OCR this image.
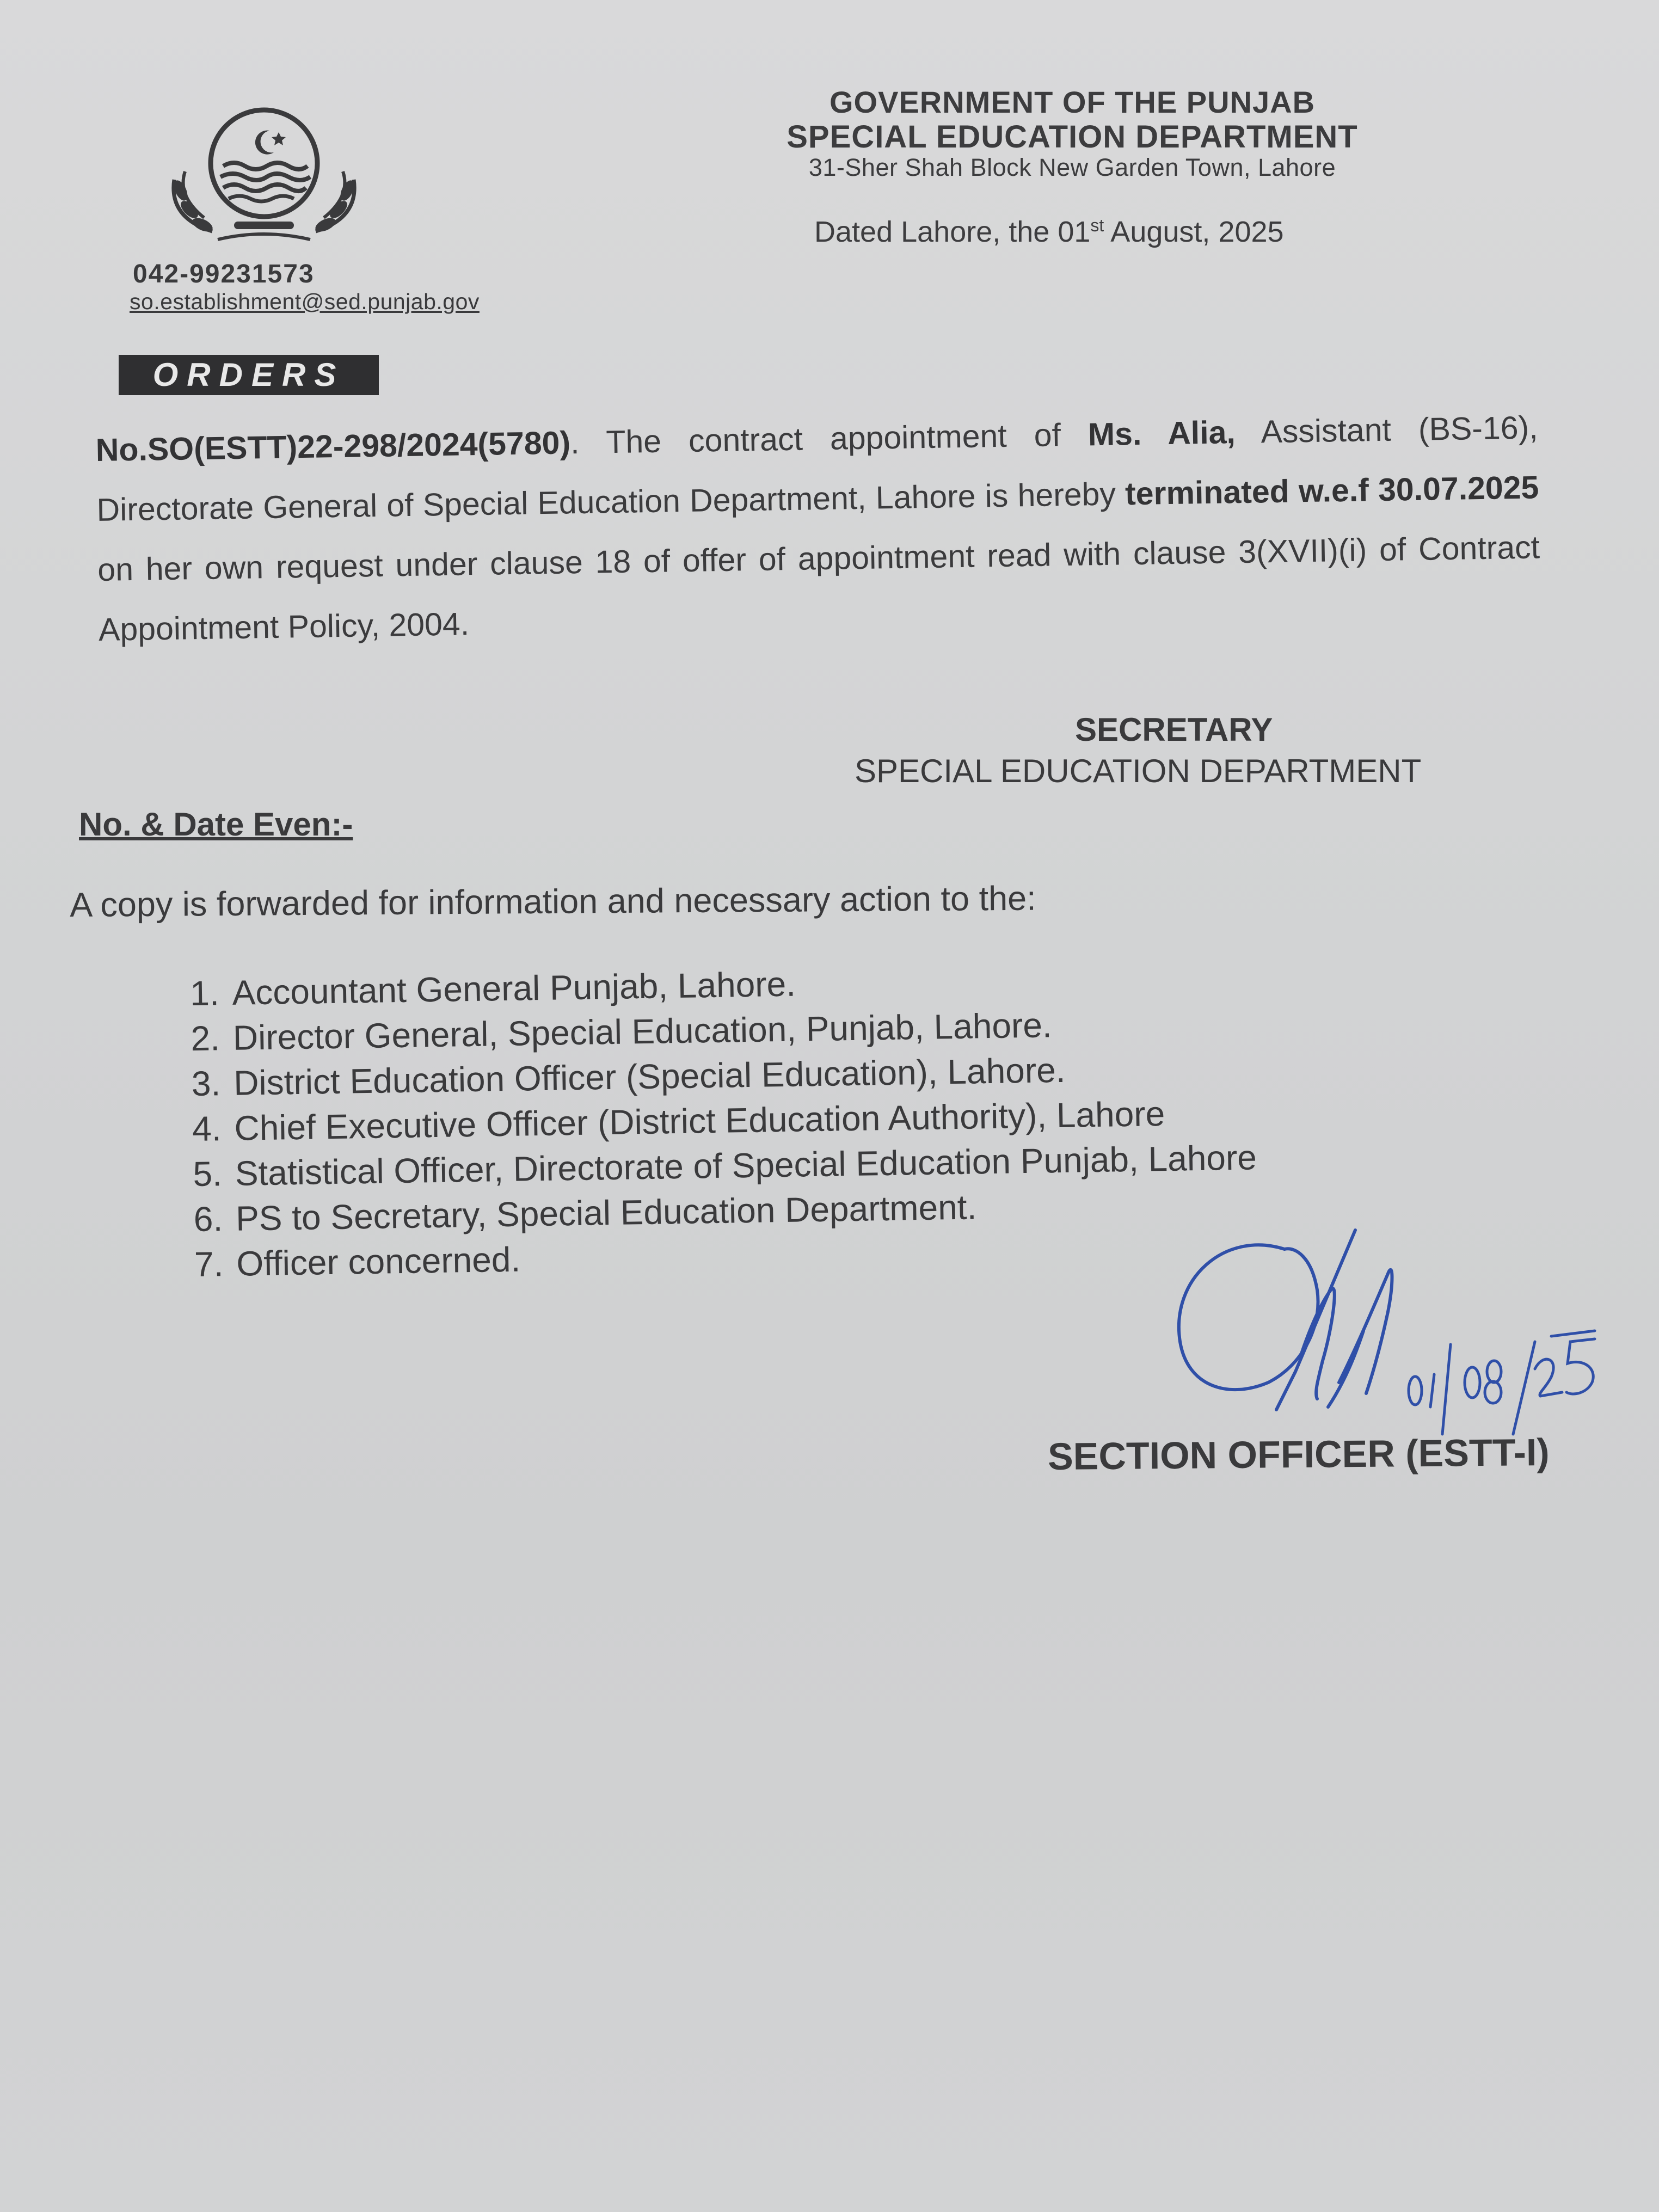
GOVERNMENT OF THE PUNJAB
SPECIAL EDUCATION DEPARTMENT
31-Sher Shah Block New Garden Town, Lahore
Dated Lahore, the 01st August, 2025
042-99231573
so.establishment@sed.punjab.gov
ORDERS
No.SO(ESTT)22-298/2024(5780). The contract appointment of Ms. Alia, Assistant (BS-16), Directorate General of Special Education Department, Lahore is hereby terminated w.e.f 30.07.2025 on her own request under clause 18 of offer of appointment read with clause 3(XVII)(i) of Contract Appointment Policy, 2004.
SECRETARY
SPECIAL EDUCATION DEPARTMENT
No. & Date Even:-
A copy is forwarded for information and necessary action to the:
1. Accountant General Punjab, Lahore.
2. Director General, Special Education, Punjab, Lahore.
3. District Education Officer (Special Education), Lahore.
4. Chief Executive Officer (District Education Authority), Lahore
5. Statistical Officer, Directorate of Special Education Punjab, Lahore
6. PS to Secretary, Special Education Department.
7. Officer concerned.
SECTION OFFICER (ESTT-I)
